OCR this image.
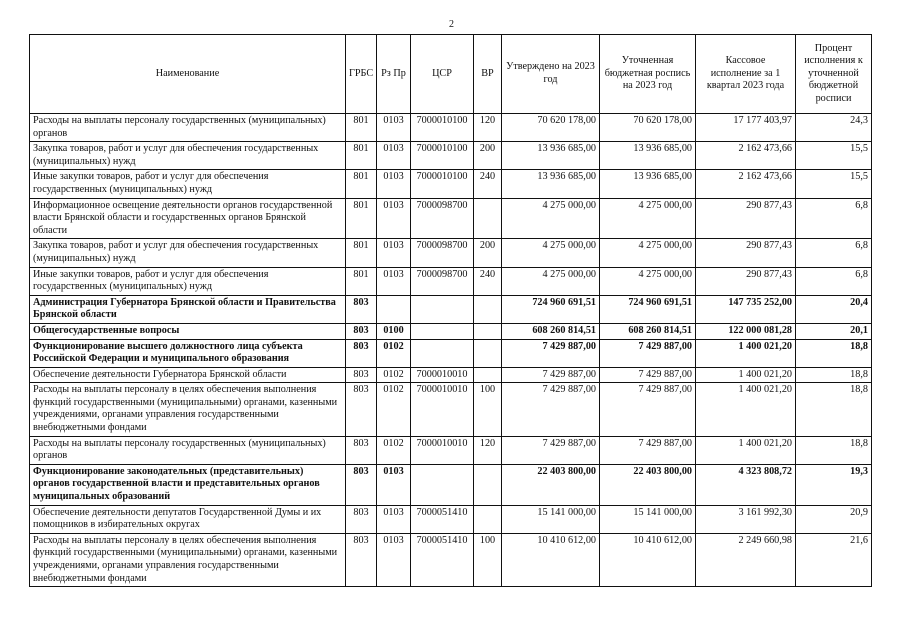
2
Наименование	ГРБС	Рз Пр	ЦСР	ВР	Утверждено на 2023 год	Уточненная бюджетная роспись на 2023 год	Кассовое исполнение за 1 квартал 2023 года	Процент исполнения к уточненной бюджетной росписи
Расходы на выплаты персоналу государственных (муниципальных) органов	801	0103	7000010100	120	70 620 178,00	70 620 178,00	17 177 403,97	24,3
Закупка товаров, работ и услуг для обеспечения государственных (муниципальных) нужд	801	0103	7000010100	200	13 936 685,00	13 936 685,00	2 162 473,66	15,5
Иные закупки товаров, работ и услуг для обеспечения государственных (муниципальных) нужд	801	0103	7000010100	240	13 936 685,00	13 936 685,00	2 162 473,66	15,5
Информационное освещение деятельности органов государственной власти Брянской области и государственных органов Брянской области	801	0103	7000098700		4 275 000,00	4 275 000,00	290 877,43	6,8
Закупка товаров, работ и услуг для обеспечения государственных (муниципальных) нужд	801	0103	7000098700	200	4 275 000,00	4 275 000,00	290 877,43	6,8
Иные закупки товаров, работ и услуг для обеспечения государственных (муниципальных) нужд	801	0103	7000098700	240	4 275 000,00	4 275 000,00	290 877,43	6,8
Администрация Губернатора Брянской области и Правительства Брянской области	803				724 960 691,51	724 960 691,51	147 735 252,00	20,4
Общегосударственные вопросы	803	0100			608 260 814,51	608 260 814,51	122 000 081,28	20,1
Функционирование высшего должностного лица субъекта Российской Федерации и муниципального образования	803	0102			7 429 887,00	7 429 887,00	1 400 021,20	18,8
Обеспечение деятельности Губернатора Брянской области	803	0102	7000010010		7 429 887,00	7 429 887,00	1 400 021,20	18,8
Расходы на выплаты персоналу в целях обеспечения выполнения функций государственными (муниципальными) органами, казенными учреждениями, органами управления государственными внебюджетными фондами	803	0102	7000010010	100	7 429 887,00	7 429 887,00	1 400 021,20	18,8
Расходы на выплаты персоналу государственных (муниципальных) органов	803	0102	7000010010	120	7 429 887,00	7 429 887,00	1 400 021,20	18,8
Функционирование законодательных (представительных) органов государственной власти и представительных органов муниципальных образований	803	0103			22 403 800,00	22 403 800,00	4 323 808,72	19,3
Обеспечение деятельности депутатов Государственной Думы и их помощников в избирательных округах	803	0103	7000051410		15 141 000,00	15 141 000,00	3 161 992,30	20,9
Расходы на выплаты персоналу в целях обеспечения выполнения функций государственными (муниципальными) органами, казенными учреждениями, органами управления государственными внебюджетными фондами	803	0103	7000051410	100	10 410 612,00	10 410 612,00	2 249 660,98	21,6
